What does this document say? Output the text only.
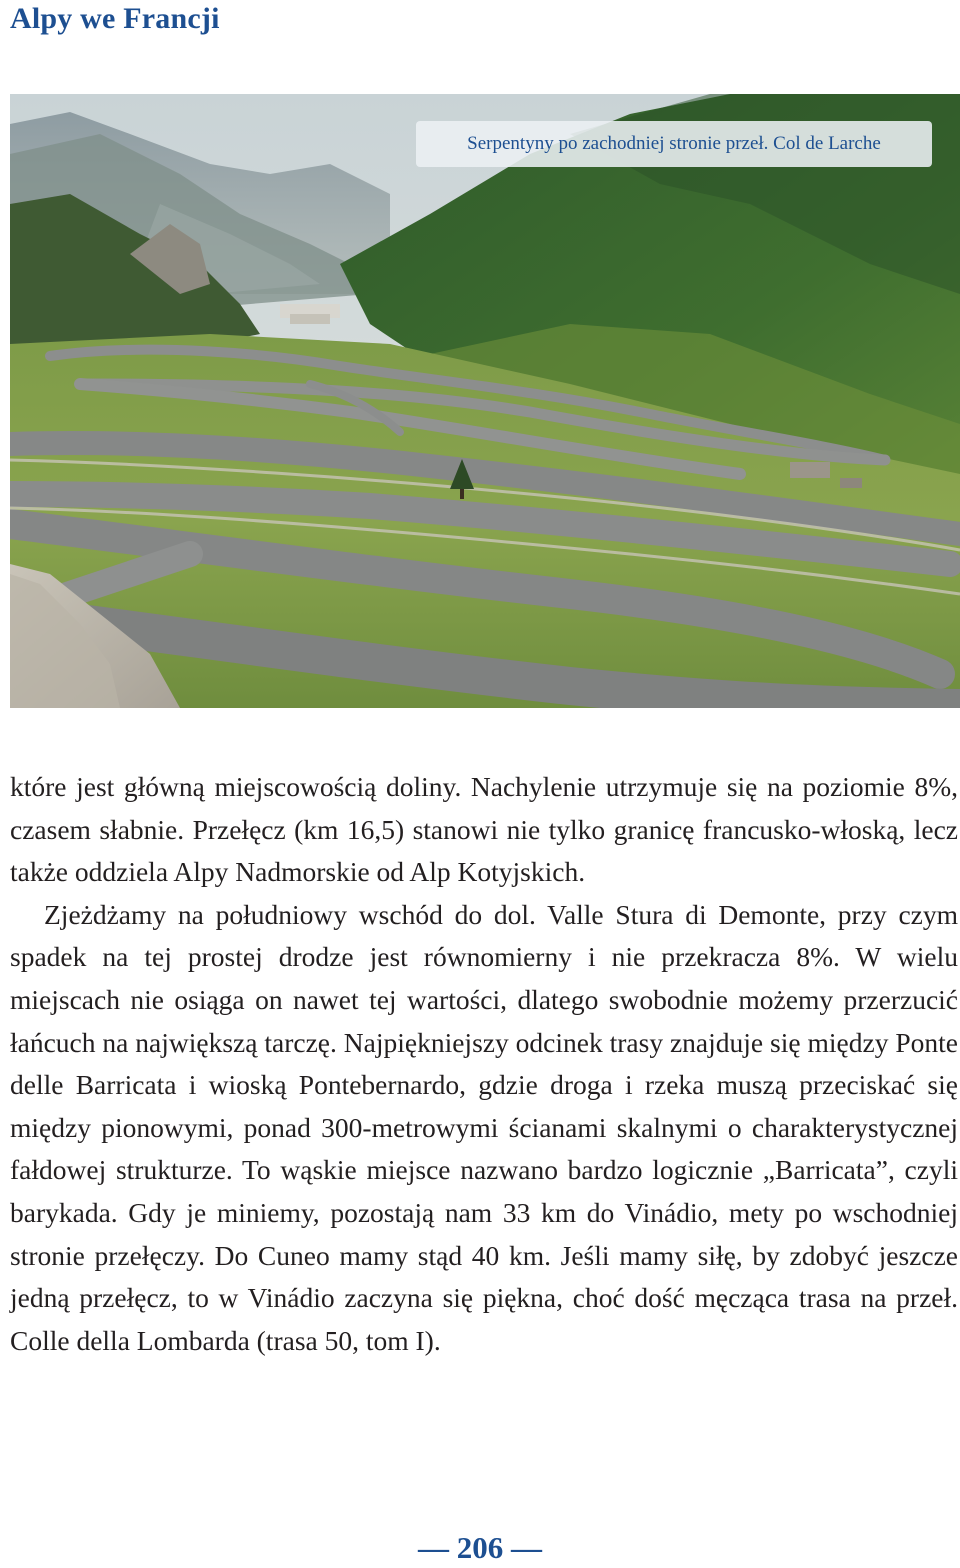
Alpy we Francji
Serpentyny po zachodniej stronie przeł. Col de Larche

które jest główną miejscowością doliny. Nachylenie utrzymuje się na poziomie 8%, czasem słabnie. Przełęcz (km 16,5) stanowi nie tylko granicę francusko-włoską, lecz także oddziela Alpy Nadmorskie od Alp Kotyjskich.

Zjeżdżamy na południowy wschód do dol. Valle Stura di Demonte, przy czym spadek na tej prostej drodze jest równomierny i nie przekracza 8%. W wielu miejscach nie osiąga on nawet tej wartości, dlatego swobodnie możemy przerzucić łańcuch na największą tarczę. Najpiękniejszy odcinek trasy znajduje się między Ponte delle Barricata i wioską Pontebernardo, gdzie droga i rzeka muszą przeciskać się między pionowymi, ponad 300-metrowymi ścianami skalnymi o charakterystycznej fałdowej strukturze. To wąskie miejsce nazwano bardzo logicznie „Barricata”, czyli barykada. Gdy je miniemy, pozostają nam 33 km do Vinádio, mety po wschodniej stronie przełęczy. Do Cuneo mamy stąd 40 km. Jeśli mamy siłę, by zdobyć jeszcze jedną przełęcz, to w Vinádio zaczyna się piękna, choć dość męcząca trasa na przeł. Colle della Lombarda (trasa 50, tom I).

— 206 —
